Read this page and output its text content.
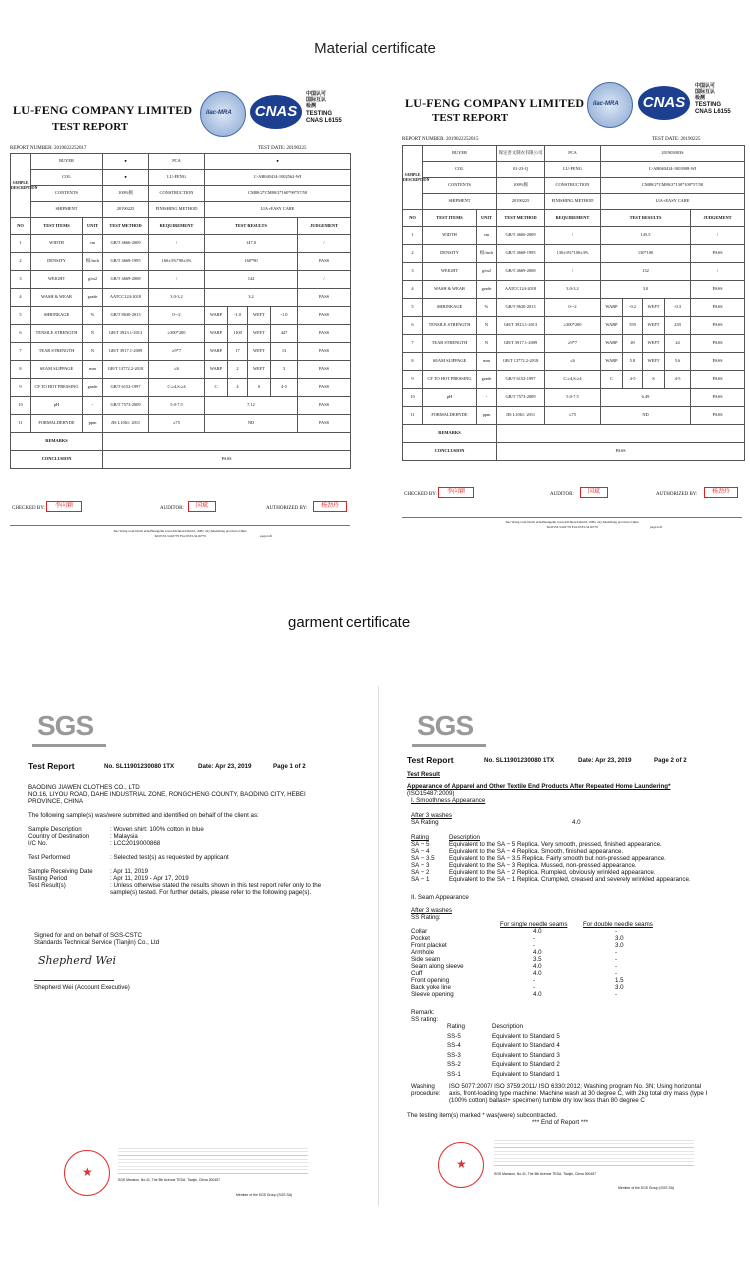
Material certificate
garment certificate
LU-FENG COMPANY LIMITED
TEST REPORT
ilac-MRA	CNAS
中国认可
国际互认
检测
TESTING
CNAS L6155
REPORT NUMBER: 2019022252017	TEST DATE: 20190225
SAMPLE DESCRIPTION	BUYER		●	PCA	●				
	COL		●	LU-FENG	C-AB040414-1002562-WI				
	CONTENTS		100%棉	CONSTRUCTION	CM80/2*CM80/2*160*90*57/58				
	SHIPMENT		20190225	FINISHING METHOD	LIA+EASY CARE				
NO	TEST ITEMS	UNIT	TEST METHOD	REQUIREMENT	TEST RESULTS				JUDGEMENT
1	WIDTH	cm	GB/T 4666-2009	/	147.0				/
2	DENSITY	根/inch	GB/T 4668-1995	160±3%*90±3%	160*90				PASS
3	WEIGHT	g/m2	GB/T 4669-2008	/	142				/
4	WASH & WEAR	grade	AATCC124-2018	3.0-3.2	3.2				PASS
5	SHRINKAGE	%	GB/T 8630-2013	0~-2	WARP	-1.0	WEFT	-1.0	PASS
6	TENSILE STRENGTH	N	GB/T 3923.1-2013	≥300*200	WARP	1100	WEFT	447	PASS
7	TEAR STRENGTH	N	GB/T 3917.1-2009	≥9*7	WARP	17	WEFT	13	PASS
8	SEAM SLIPPAGE	mm	GB/T 13772.2-2018	≤6	WARP	2	WEFT	3	PASS
9	CF TO HOT PRESSING	grade	GB/T 6152-1997	C:≥4,S:≥4	C	4	S	4-5	PASS
10	pH	-	GB/T 7573-2009	5.0-7.5	7.12				PASS
11	FORMALDEHYDE	ppm	JIS L1061: 2011	≤75	ND				PASS
REMARKS									
CONCLUSION			PASS						
CHECKED BY:	李向颖	AUDITOR:	国斌	AUTHORIZED BY:	杨劲玲
Jiao Wang road,North side,Huangzhu town,ZiChuan District, ZiBo city,ShanDong province,China
Tel:0533-5416770 Fax:0533-5416770	page1of1
LU-FENG COMPANY LIMITED
TEST REPORT
ilac-MRA	CNAS
中国认可
国际互认
检测
TESTING
CNAS L6155
REPORT NUMBER: 2019022252015	TEST DATE: 20190225
SAMPLE DESCRIPTION	BUYER		保定善文制衣有限公司	PCA	201903003S				
	COL		01-23-Q	LU-FENG	C-AB040414-1003908-WI				
	CONTENTS		100%棉	CONSTRUCTION	CM80/2*CM80/2*130*100*57/58				
	SHIPMENT		20190225	FINISHING METHOD	LIA+EASY CARE				
NO	TEST ITEMS	UNIT	TEST METHOD	REQUIREMENT	TEST RESULTS				JUDGEMENT
1	WIDTH	cm	GB/T 4666-2009	/	145.5				/
2	DENSITY	根/inch	GB/T 4668-1995	130±3%*100±3%	130*100				PASS
3	WEIGHT	g/m2	GB/T 4669-2008	/	132				/
4	WASH & WEAR	grade	AATCC124-2018	3.0-3.2	3.0				PASS
5	SHRINKAGE	%	GB/T 8630-2013	0~-2	WARP	-0.2	WEFT	-0.3	PASS
6	TENSILE STRENGTH	N	GB/T 3923.1-2013	≥300*200	WARP	559	WEFT	239	PASS
7	TEAR STRENGTH	N	GB/T 3917.1-2009	≥9*7	WARP	49	WEFT	24	PASS
8	SEAM SLIPPAGE	mm	GB/T 13772.2-2018	≤6	WARP	5.8	WEFT	5.6	PASS
9	CF TO HOT PRESSING	grade	GB/T 6152-1997	C:≥4,S:≥4	C	4-5	S	4-5	PASS
10	pH	-	GB/T 7573-2009	5.0-7.5	6.49				PASS
11	FORMALDEHYDE	ppm	JIS L1061: 2011	≤75	ND				PASS
REMARKS									
CONCLUSION			PASS						
CHECKED BY:	李向颖	AUDITOR:	国斌	AUTHORIZED BY:	杨劲玲
Jiao Wang road,North side,Huangzhu town,ZiChuan District, ZiBo city,ShanDong province,China
Tel:0533-5416770 Fax:0533-5416770	page1of1
SGS
Test Report	No. SL11901230080 1TX	Date: Apr 23, 2019	Page 1 of 2
BAODING JIAWEN CLOTHES CO., LTD
NO.16, LIYOU ROAD, DAHE INDUSTRIAL ZONE, RONGCHENG COUNTY, BAODING CITY, HEBEI
PROVINCE, CHINA
The following sample(s) was/were submitted and identified on behalf of the client as:
Sample Description	: Woven shirt: 100% cotton in blue
Country of Destination	: Malaysia
I/C No.	: LCC2019000868
Test Performed	: Selected test(s) as requested by applicant
Sample Receiving Date	: Apr 11, 2019
Testing Period	: Apr 11, 2019 - Apr 17, 2019
Test Result(s)	: Unless otherwise stated the results shown in this test report refer only to the
sample(s) tested. For further details, please refer to the following page(s).
Signed for and on behalf of SGS-CSTC
Standards Technical Service (Tianjin) Co., Ltd
Shepherd Wei
Shepherd Wei (Account Executive)
★
SGS Mansion, No.41, The 5th Avenue TEDA, Tianjin, China 300457
Member of the SGS Group (SGS SA)
SGS
Test Report	No. SL11901230080 1TX	Date: Apr 23, 2019	Page 2 of 2
Test Result
Appearance of Apparel and Other Textile End Products After Repeated Home Laundering*
(ISO15487:2009)
I. Smoothness Appearance
After 3 washes
SA Rating	4.0
Rating	Description
SA − 5	Equivalent to the SA − 5 Replica. Very smooth, pressed, finished appearance.
SA − 4	Equivalent to the SA − 4 Replica. Smooth, finished appearance.
SA − 3.5 Equivalent to the SA − 3.5 Replica. Fairly smooth but non-pressed appearance.
SA − 3	Equivalent to the SA − 3 Replica. Mussed, non-pressed appearance.
SA − 2	Equivalent to the SA − 2 Replica. Rumpled, obviously wrinkled appearance.
SA − 1	Equivalent to the SA − 1 Replica. Crumpled, creased and severely wrinkled appearance.
II. Seam Appearance
After 3 washes
SS Rating:
For single needle seams	For double needle seams
Collar	4.0	-
Pocket	-	3.0
Front placket	-	3.0
Armhole	4.0	-
Side seam	3.5	-
Seam along sleeve	4.0	-
Cuff	4.0	-
Front opening	-	1.5
Back yoke line	-	3.0
Sleeve opening	4.0	-
Remark:
SS rating:
Rating	Description
SS-5	Equivalent to Standard 5
SS-4	Equivalent to Standard 4
SS-3	Equivalent to Standard 3
SS-2	Equivalent to Standard 2
SS-1	Equivalent to Standard 1
Washing
procedure:
ISO 5077:2007/ ISO 3759:2011/ ISO 6330:2012; Washing program No. 3N; Using horizontal
axis, front-loading type machine: Machine wash at 30 degree C, with 2kg total dry mass (type I
(100% cotton) ballast+ specimen) tumble dry low less than 80 degree C
The testing item(s) marked * was(were) subcontracted.
*** End of Report ***
★
SGS Mansion, No.41, The 5th Avenue TEDA, Tianjin, China 300457
Member of the SGS Group (SGS SA)
